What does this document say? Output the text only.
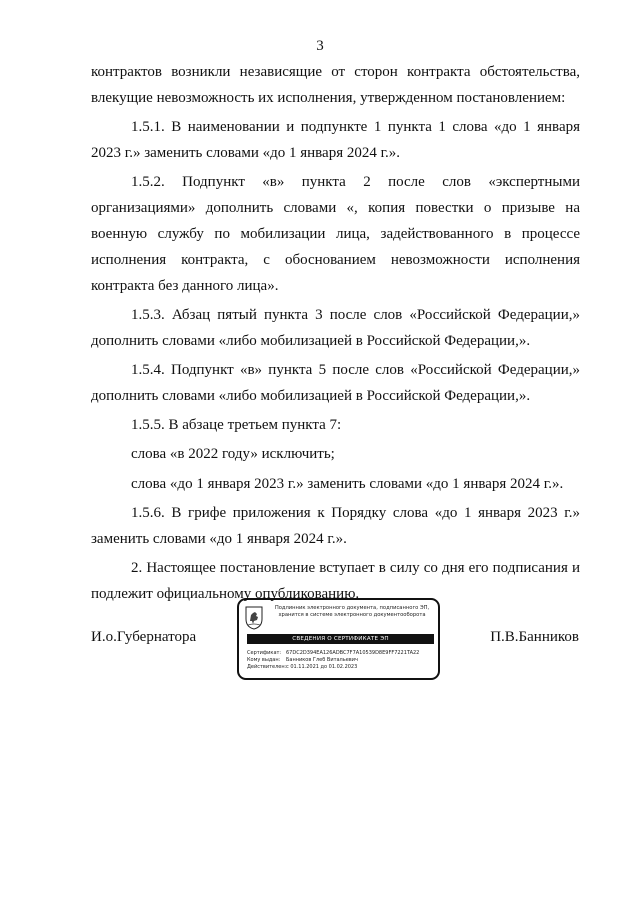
3

контрактов возникли независящие от сторон контракта обстоятельства, влекущие невозможность их исполнения, утвержденном постановлением:

1.5.1. В наименовании и подпункте 1 пункта 1 слова «до 1 января 2023 г.» заменить словами «до 1 января 2024 г.».

1.5.2. Подпункт «в» пункта 2 после слов «экспертными организациями» дополнить словами «, копия повестки о призыве на военную службу по мобилизации лица, задействованного в процессе исполнения контракта, с обоснованием невозможности исполнения контракта без данного лица».

1.5.3. Абзац пятый пункта 3 после слов «Российской Федерации,» дополнить словами «либо мобилизацией в Российской Федерации,».

1.5.4. Подпункт «в» пункта 5 после слов «Российской Федерации,» дополнить словами «либо мобилизацией в Российской Федерации,».

1.5.5. В абзаце третьем пункта 7:

слова «в 2022 году» исключить;

слова «до 1 января 2023 г.» заменить словами «до 1 января 2024 г.».

1.5.6. В грифе приложения к Порядку слова «до 1 января 2023 г.» заменить словами «до 1 января 2024 г.».

2. Настоящее постановление вступает в силу со дня его подписания и подлежит официальному опубликованию.

И.о.Губернатора
Подлинник электронного документа, подписанного ЭП,
хранится в системе электронного документооборота
СВЕДЕНИЯ О СЕРТИФИКАТЕ ЭП
Сертификат: 67DC2D394EA126ADBC7F7A10539D8E9FF7221TA22
Кому выдан: Банников Глеб Витальевич
Действителен:с 01.11.2021 до 01.02.2023
П.В.Банников
